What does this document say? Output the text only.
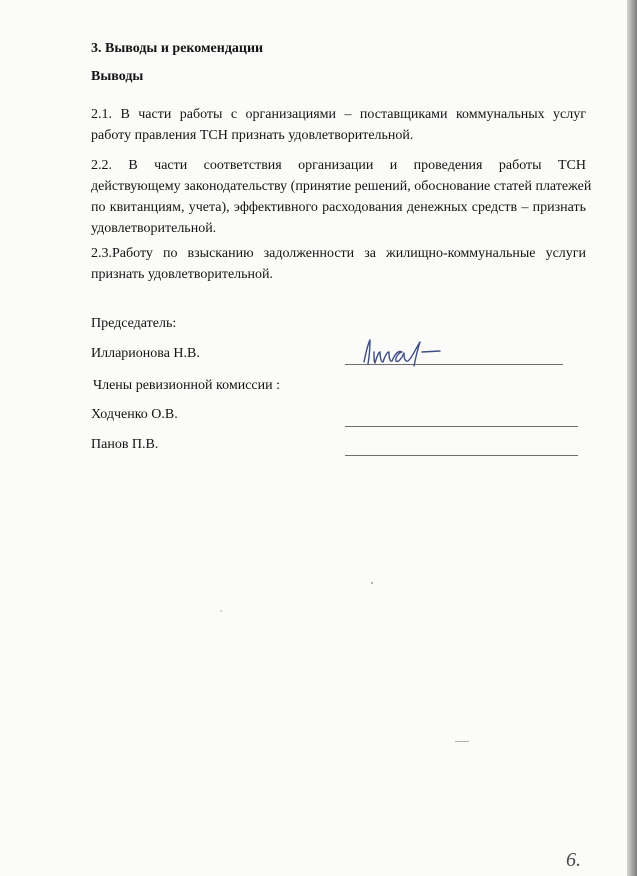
3. Выводы и рекомендации
Выводы
2.1. В части работы с организациями – поставщиками коммунальных услуг
работу правления ТСН признать удовлетворительной.
2.2. В части соответствия организации и проведения работы ТСН
действующему законодательству (принятие решений, обоснование статей платежей
по квитанциям, учета), эффективного расходования денежных средств – признать
удовлетворительной.
2.3.Работу по взысканию задолженности за жилищно-коммунальные услуги
признать удовлетворительной.
Председатель:
Илларионова Н.В.
Члены ревизионной комиссии :
Ходченко О.В.
Панов П.В.
6.
